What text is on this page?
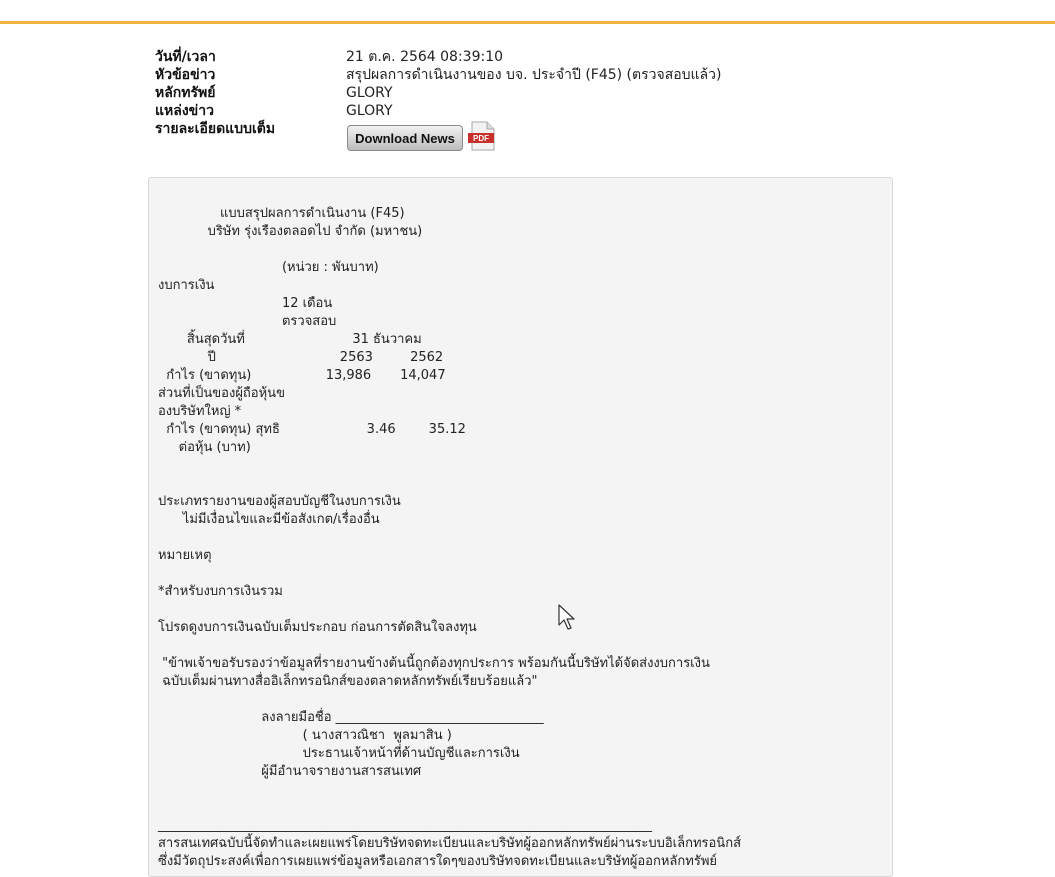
วันที่/เวลา	21 ต.ค. 2564 08:39:10
หัวข้อข่าว	สรุปผลการดำเนินงานของ บจ. ประจำปี (F45) (ตรวจสอบแล้ว)
หลักทรัพย์	GLORY
แหล่งข่าว	GLORY
รายละเอียดแบบเต็ม
Download News	PDF
แบบสรุปผลการดำเนินงาน (F45)
บริษัท รุ่งเรืองตลอดไป จำกัด (มหาชน)

(หน่วย : พันบาท)
งบการเงิน
12 เดือน
ตรวจสอบ
สิ้นสุดวันที่                          31 ธันวาคม
ปี                              2563         2562
กำไร (ขาดทุน)                  13,986       14,047
ส่วนที่เป็นของผู้ถือหุ้นข
องบริษัทใหญ่ *
กำไร (ขาดทุน) สุทธิ                     3.46        35.12
ต่อหุ้น (บาท)

ประเภทรายงานของผู้สอบบัญชีในงบการเงิน
ไม่มีเงื่อนไขและมีข้อสังเกต/เรื่องอื่น

หมายเหตุ

*สำหรับงบการเงินรวม

โปรดดูงบการเงินฉบับเต็มประกอบ ก่อนการตัดสินใจลงทุน

"ข้าพเจ้าขอรับรองว่าข้อมูลที่รายงานข้างต้นนี้ถูกต้องทุกประการ พร้อมกันนี้บริษัทได้จัดส่งงบการเงิน
ฉบับเต็มผ่านทางสื่ออิเล็กทรอนิกส์ของตลาดหลักทรัพย์เรียบร้อยแล้ว"

ลงลายมือชื่อ ________________________________
( นางสาวณิชา  พูลมาสิน )
ประธานเจ้าหน้าที่ด้านบัญชีและการเงิน
ผู้มีอำนาจรายงานสารสนเทศ

____________________________________________________________________________
สารสนเทศฉบับนี้จัดทำและเผยแพร่โดยบริษัทจดทะเบียนและบริษัทผู้ออกหลักทรัพย์ผ่านระบบอิเล็กทรอนิกส์
ซึ่งมีวัตถุประสงค์เพื่อการเผยแพร่ข้อมูลหรือเอกสารใดๆของบริษัทจดทะเบียนและบริษัทผู้ออกหลักทรัพย์
